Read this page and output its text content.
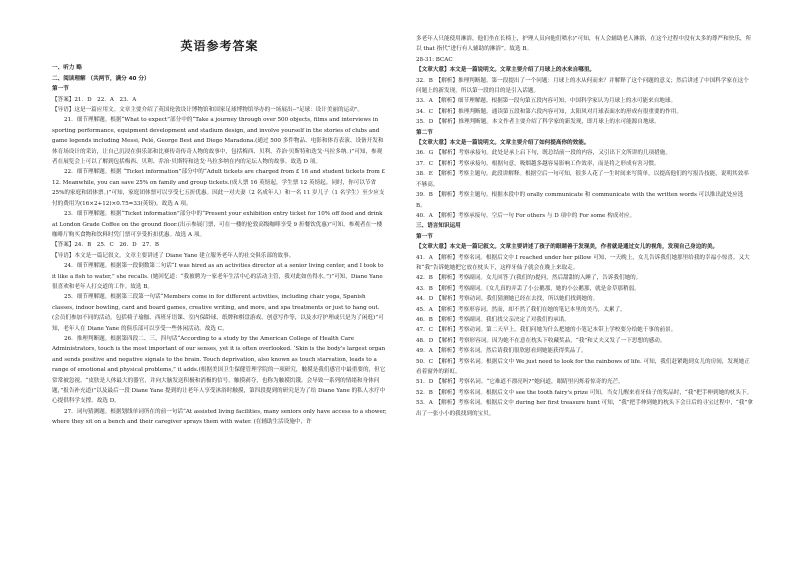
英语参考答案

一、听力 略

二、阅读理解 （共两节，满分 40 分）

第一节

【答案】21．D　22．A　23．A

【导语】这是一篇应用文。文章主要介绍了英国伦敦设计博物馆和国家足球博物馆举办的一场展出--"足球：设计美丽的运动"。

21．细节理解题。根据“What to expect”部分中的“Take a journey through over 500 objects, films and interviews in sporting performance, equipment development and stadium design, and involve yourself in the stories of clubs and game legends including Messi, Pelé, George Best and Diego Maradona.(通过 500 多件物品、电影和体育表演、设备开发和体育场设计的采访，让自己沉浸在俱乐部和比赛传奇传奇人物的故事中，包括梅西、贝利、乔治·贝斯特和迭戈·马拉多纳。)”可知，参观者在展览会上可以了解到包括梅西、贝利、乔治·贝斯特和迭戈·马拉多纳在内的足坛人物的故事。故选 D 项。

22．细节理解题。根据 “Ticket information”部分中的“Adult tickets are charged from £ 16 and student tickets from £ 12. Meanwhile, you can save 25% on family and group tickets.(成人票 16 英镑起，学生票 12 英镑起。同时，你可以节省 25%的家庭和团体票。)”可知，家庭团体票可以享受七五折优惠。因此一对夫妻（2 名成年人）和一名 11 岁儿子（1 名学生）至少应支付的费用为(16×2+12)×0.75=33(英镑)。故选 A 项。

23．细节理解题。根据“Ticket information”部分中的“Present your exhibition entry ticket for 10% off food and drink at London Grade Coffee on the ground floor.(出示参展门票，可在一楼的伦敦高级咖啡享受 9 折餐饮优惠)”可知，参观者在一楼咖啡厅购买食物和饮料时凭门票可享受折扣优惠。故选 A 项。

【答案】24．B　25．C　26．D　27．B

【导语】本文是一篇记叙文。文章主要讲述了 Diane Yane 建立服务老年人的社交俱乐部的故事。

24．细节理解题。根据第一段倒数第二句话“I was hired as an activities director at a senior living center, and I took to it like a fish to water,” she recalls. (她回忆道：“我被聘为一家老年生活中心的活动主管，我对此如鱼得水。”)”可知，Diane Yane 很喜欢和老年人打交道的工作。故选 B。

25．细节理解题。根据第三段第一句话“Members come in for different activities, including chair yoga, Spanish classes, indoor bowling, card and board games, creative writing, and more, and spa treatments or just to hang out.(会员们参加不同的活动，包括椅子瑜伽、西班牙语课、室内保龄球、纸牌和棋盘游戏、创意写作等，以及水疗护理或只是为了闲逛)”可知，老年人在 Diane Yane 的俱乐部可以享受一些休闲活动。故选 C。

26．推理判断题。根据第四段二、三、四句话“According to a study by the American College of Health Care Administrators, touch is the most important of our senses, yet it is often overlooked. ‘Skin is the body's largest organ and sends positive and negative signals to the brain. Touch deprivation, also known as touch starvation, leads to a range of emotional and physical problems,” it adds.(根据美国卫生保健管理学院的一项研究，触摸是我们感官中最重要的，但它常常被忽视。“皮肤是人体最大的器官，并向大脑发送积极和消极的信号。触摸剥夺，也称为触摸饥饿，会导致一系列的情绪和身体问题，”报告补充道)”以及最后一段 Diane Yane 提到的让老年人享受沐浴时触摸，第四段提到的研究是为了给 Diane Yane 的私人水疗中心提供科学支撑。故选 D。

27．词句猜测题。根据划线单词所在的前一句话“At assisted living facilities, many seniors only have access to a shower, where they sit on a bench and their caregiver sprays them with water. (在辅助生活设施中，许

多老年人只能使用淋浴，他们坐在长椅上，护理人员向他们喷水)”可知，有人会辅助老人淋浴，在这个过程中没有太多的尊严和快乐，所以 that 指代“进行有人辅助的淋浴”。故选 B。

28-31: BCAC

【文章大意】本文是一篇说明文。文章主要介绍了月球上的水来自哪里。

32．B　【解析】推理判断题。第一段提出了一个问题：月球上的水从何而来？并解释了这个问题的意义；然后讲述了中国科学家在这个问题上的新发现，所以第一段的目的是引入话题。

33．A　【解析】细节理解题。根据第一段句第五段内容可知，中国科学家认为月球上的水可能来自地球。

34．C　【解析】推理判断题。通读第五段和第六段内容可知，太阳风对月球表面水的形成有很重要的作用。

35．D　【解析】推理判断题。本文作者主要介绍了科学家的新发现，即月球上的水可能源自地球。

第二节

【文章大意】本文是一篇说明文。文章主要介绍了如何提高你的效能。

36．G　【解析】考察承接句。此处是承上启下句，既总结前一段的内容，又引出下文所讲的几项措施。

37．C　【解析】考察承接句。根据句意，吸烟越多越容易影响工作效率，而是将之形成有害习惯。

38．E　【解析】考察主题句。此段讲解释。根据空后一句可知，很多人花了一生时间来写简单，以提高他们的写报告技能，说明其效率不够高。

39．B　【解析】考察主题句。根据本段中的 orally communicate 和 communicate with the written words 可以推出此处应选 B。

40．A　【解析】考察承接句。空后一句 For others 与 D 项中的 For some 构成对应。

三、语言知识运用

第一节

【文章大意】本文是一篇记叙文。文章主要讲述了孩子的眼睛善于发现美，作者就是通过女儿的视角，发现自己身边的美。

41．A　【解析】考察名词。根据后文中 I reached under her pillow 可知，一天晚上，女儿告诉我们她那里给我的幸福小惊喜。又大和“我”告诉她她把它放在枕头下，这样牙仙子就会在晚上来取走。

42．B　【解析】考察副词。女儿回答了(我们的)提问，然后甜甜的入睡了，告诉我们她的。

43．B　【解析】考察副词。《女儿真的弄丢了小公鹅那，她的小公鹅那，就是金草那稍弱。

44．D　【解析】考察动词。我们猜测她已经在去找，所以她们找到她的。

45．A　【解析】考察形容词。然而，却不然了我们在她的笔记本里的美乃，太累了。

46．B　【解析】考察副词。我们找父亲决定了对我们的承诺。

47．C　【解析】考察动词。第二天早上，我们问她为什么把她的小笔记本带上学校要分给她千事的前景。

48．D　【解析】考察形容词。因为她不在意在枕头下收藏奖品，“我”和丈夫又发了一下思想的感动。

49．A　【解析】考察名词。然后请我们很欣慰看到她能获得奖品了。

50．C　【解析】考察名词。根据后文中 We just need to look for the rainbows of life. 可知，我们赶紧跑到女儿的房间，发现她正看着窗外的彩虹。

51．D　【解析】考察名词。“它难道不漂亮吗?”她问道，眼睛里闪烁着惊奇的光芒。

52．B　【解析】考察名词。根据后文中 see the tooth fairy's prize 可知，当女儿醒来看牙仙子的奖品时，“我”把手伸到她的枕头下。

53．A　【解析】考察名词。根据后文中 during her first treasure hunt 可知，“我”把手伸到她的枕头下会日后的寻宝过程中，“我”拿出了一张小小的我找到的宝贝。
